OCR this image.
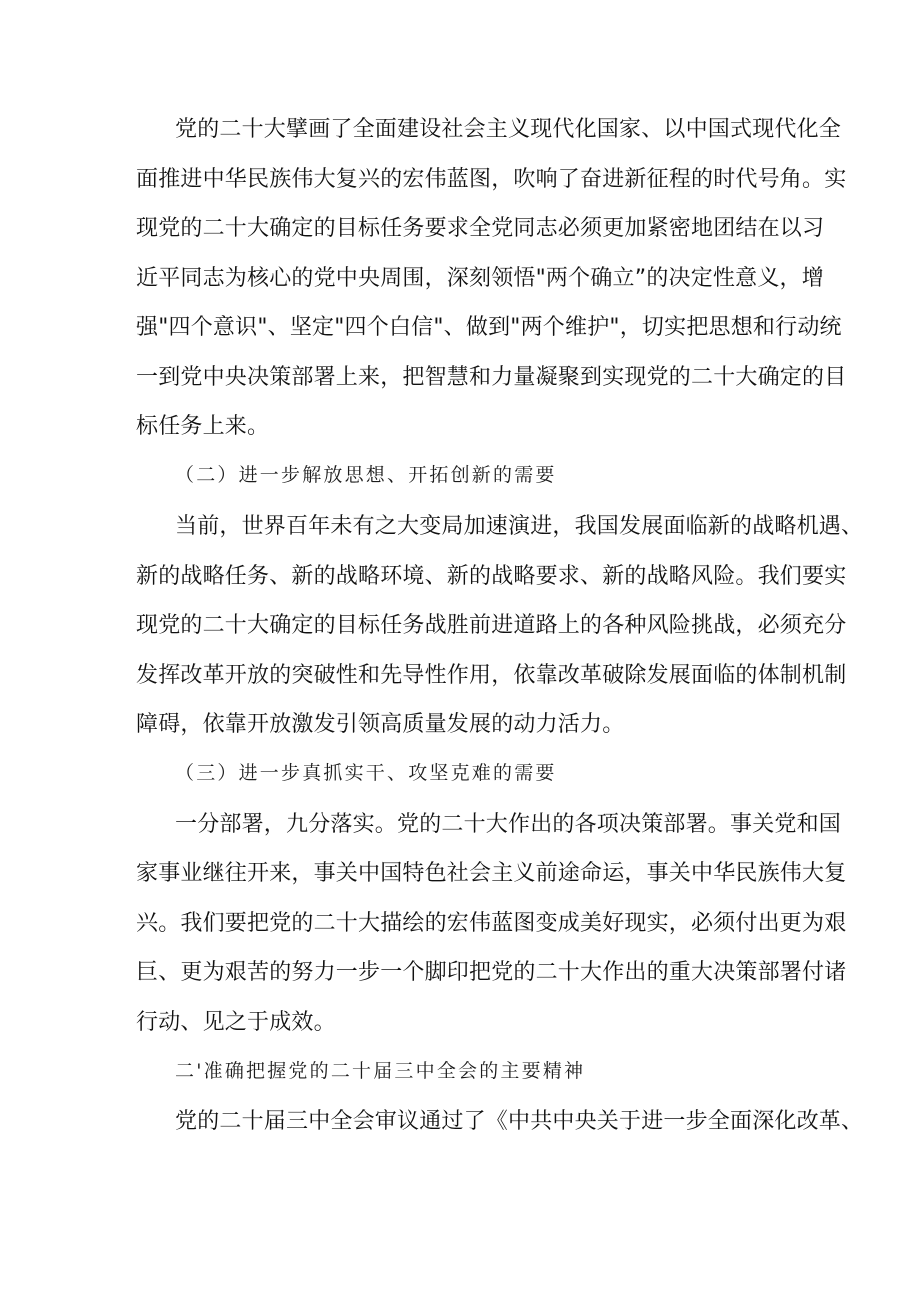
党的二十大擘画了全面建设社会主义现代化国家、以中国式现代化全

面推进中华民族伟大复兴的宏伟蓝图，吹响了奋进新征程的时代号角。实

现党的二十大确定的目标任务要求全党同志必须更加紧密地团结在以习

近平同志为核心的党中央周围，深刻领悟"两个确立”的决定性意义，增

强"四个意识"、坚定"四个白信"、做到"两个维护"，切实把思想和行动统

一到党中央决策部署上来，把智慧和力量凝聚到实现党的二十大确定的目

标任务上来。

（二）进一步解放思想、开拓创新的需要

当前，世界百年未有之大变局加速演进，我国发展面临新的战略机遇、

新的战略任务、新的战略环境、新的战略要求、新的战略风险。我们要实

现党的二十大确定的目标任务战胜前进道路上的各种风险挑战，必须充分

发挥改革开放的突破性和先导性作用，依靠改革破除发展面临的体制机制

障碍，依靠开放激发引领高质量发展的动力活力。

（三）进一步真抓实干、攻坚克难的需要

一分部署，九分落实。党的二十大作出的各项决策部署。事关党和国

家事业继往开来，事关中国特色社会主义前途命运，事关中华民族伟大复

兴。我们要把党的二十大描绘的宏伟蓝图变成美好现实，必须付出更为艰

巨、更为艰苦的努力一步一个脚印把党的二十大作出的重大决策部署付诸

行动、见之于成效。

二'准确把握党的二十届三中全会的主要精神

党的二十届三中全会审议通过了《中共中央关于进一步全面深化改革、
